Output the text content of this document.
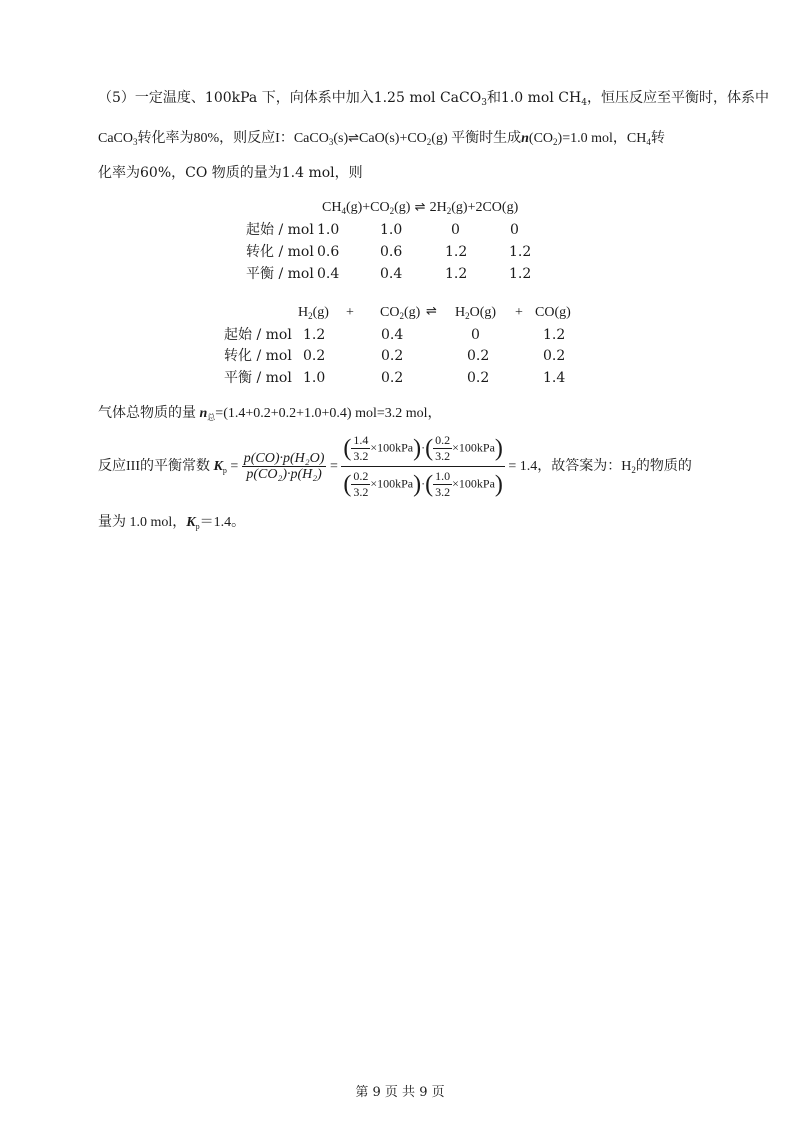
（5）一定温度、100kPa 下，向体系中加入1.25 mol CaCO$_3$和1.0 mol $CH_4$，恒压反应至平衡时，体系中
CaCO$_3$转化率为80%，则反应I：$CaCO_3(s)\rightleftharpoons CaO(s)+CO_2(g)$ 平衡时生成$n(CO_2)=1.0$ mol，$CH_4$转
化率为60%，CO 物质的量为1.4 mol，则
$CH_4(g)+CO_2(g)$ ⇌ $2H_2(g)+2CO(g)$
起始 / mol 1.0	1.0	0	0
转化 / mol 0.6	0.6	1.2	1.2
平衡 / mol 0.4	0.4	1.2	1.2
$H_2(g) + CO_2(g)$ ⇌ $H_2O(g) + CO(g)$
起始 / mol 1.2	0.4	0	1.2
转化 / mol 0.2	0.2	0.2	0.2
平衡 / mol 1.0	0.2	0.2	1.4
气体总物质的量 $n_总=(1.4+0.2+0.2+1.0+0.4)$ mol=3.2 mol，
反应III的平衡常数 $K_p = \frac{\text{p(CO)·p(H₂O)}}{\text{p(CO₂)·p(H₂)}} = \frac{( \frac{1.4}{3.2} \times 100kPa)\cdot( \frac{0.2}{3.2} \times 100kPa)}{( \frac{0.2}{3.2} \times 100kPa)\cdot( \frac{1.0}{3.2} \times 100kPa)} = 1.4$，故答案为：$H_2$的物质的
量为 1.0 mol，$K_p=1.4$。
第 9 页 共 9 页
